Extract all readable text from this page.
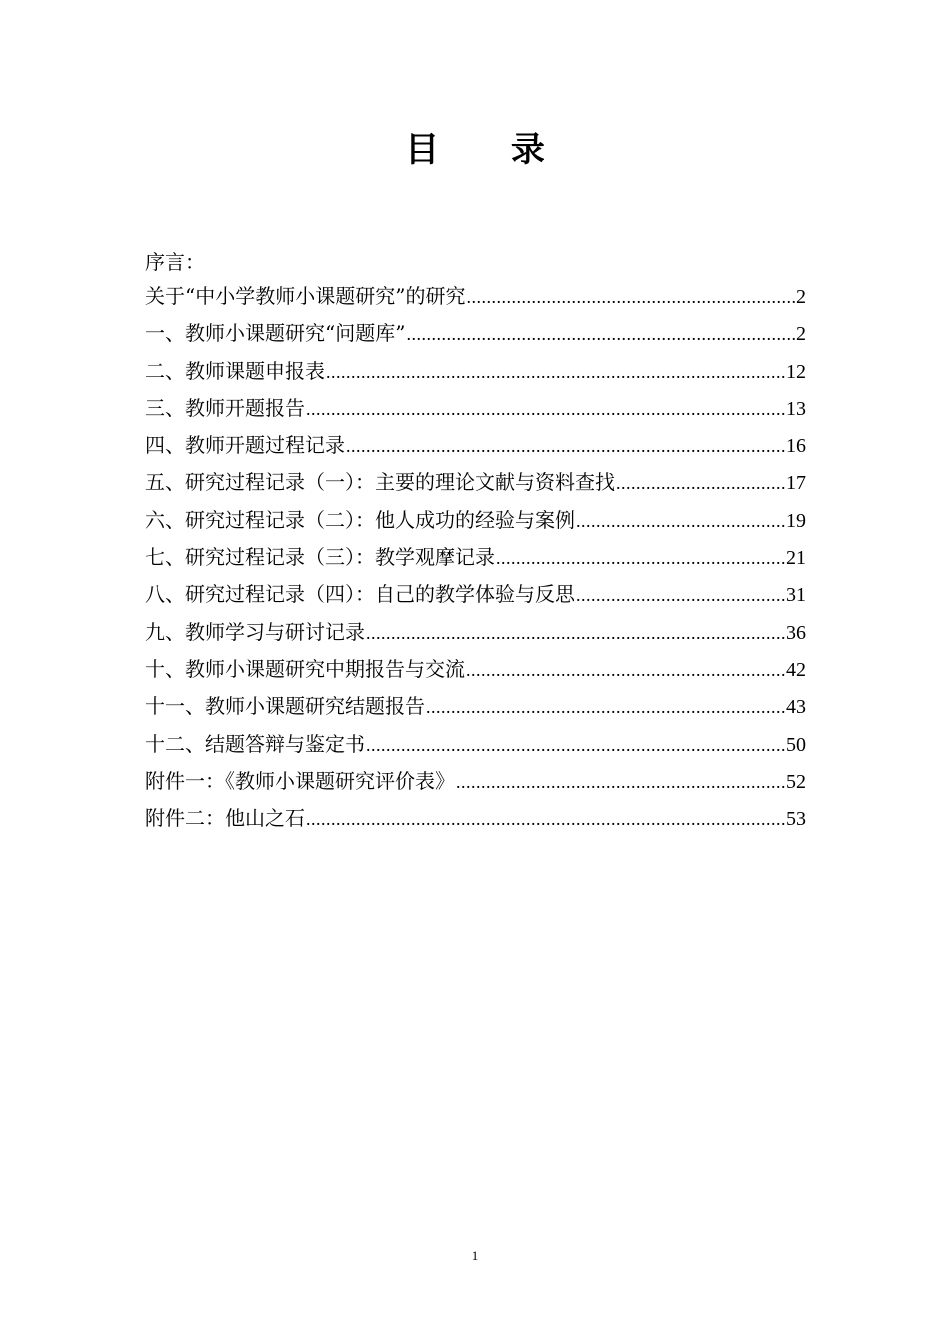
目 录
序言：
关于“中小学教师小课题研究”的研究 .....	2
一、教师小课题研究“问题库” .....	2
二、教师课题申报表 .....	12
三、教师开题报告 .....	13
四、教师开题过程记录 .....	16
五、研究过程记录（一）：主要的理论文献与资料查找 .....	17
六、研究过程记录（二）：他人成功的经验与案例 .....	19
七、研究过程记录（三）：教学观摩记录 .....	21
八、研究过程记录（四）：自己的教学体验与反思 .....	31
九、教师学习与研讨记录 .....	36
十、教师小课题研究中期报告与交流 .....	42
十一、教师小课题研究结题报告 .....	43
十二、结题答辩与鉴定书 .....	50
附件一：《教师小课题研究评价表》 .....	52
附件二：他山之石 .....	53
1
